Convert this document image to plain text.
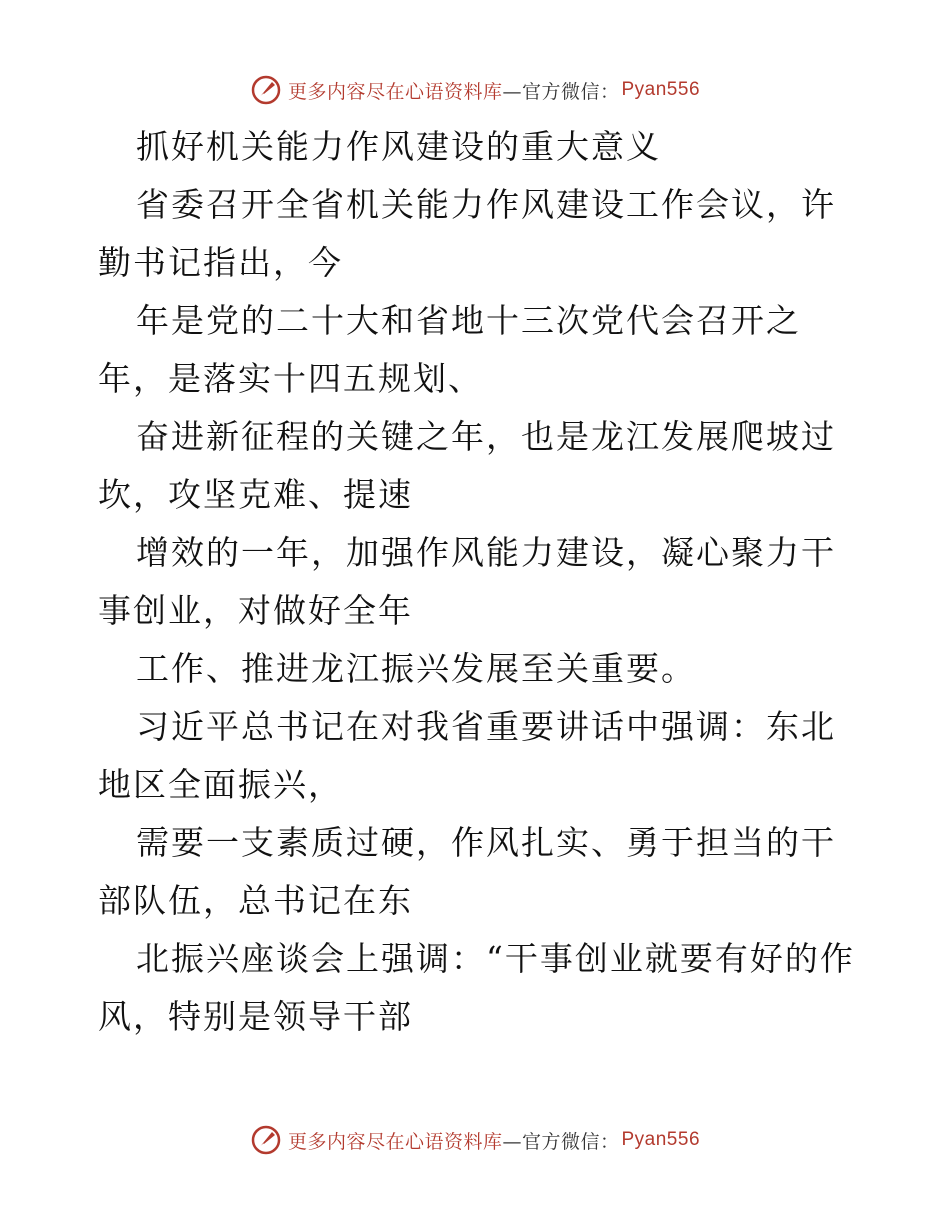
更多内容尽在心语资料库 —官方微信： Pyan556

抓好机关能力作风建设的重大意义

省委召开全省机关能力作风建设工作会议，许勤书记指出，今

年是党的二十大和省地十三次党代会召开之年，是落实十四五规划、

奋进新征程的关键之年，也是龙江发展爬坡过坎，攻坚克难、提速

增效的一年，加强作风能力建设，凝心聚力干事创业，对做好全年

工作、推进龙江振兴发展至关重要。

习近平总书记在对我省重要讲话中强调：东北地区全面振兴，

需要一支素质过硬，作风扎实、勇于担当的干部队伍，总书记在东

北振兴座谈会上强调：“干事创业就要有好的作风，特别是领导干部

更多内容尽在心语资料库 —官方微信： Pyan556
